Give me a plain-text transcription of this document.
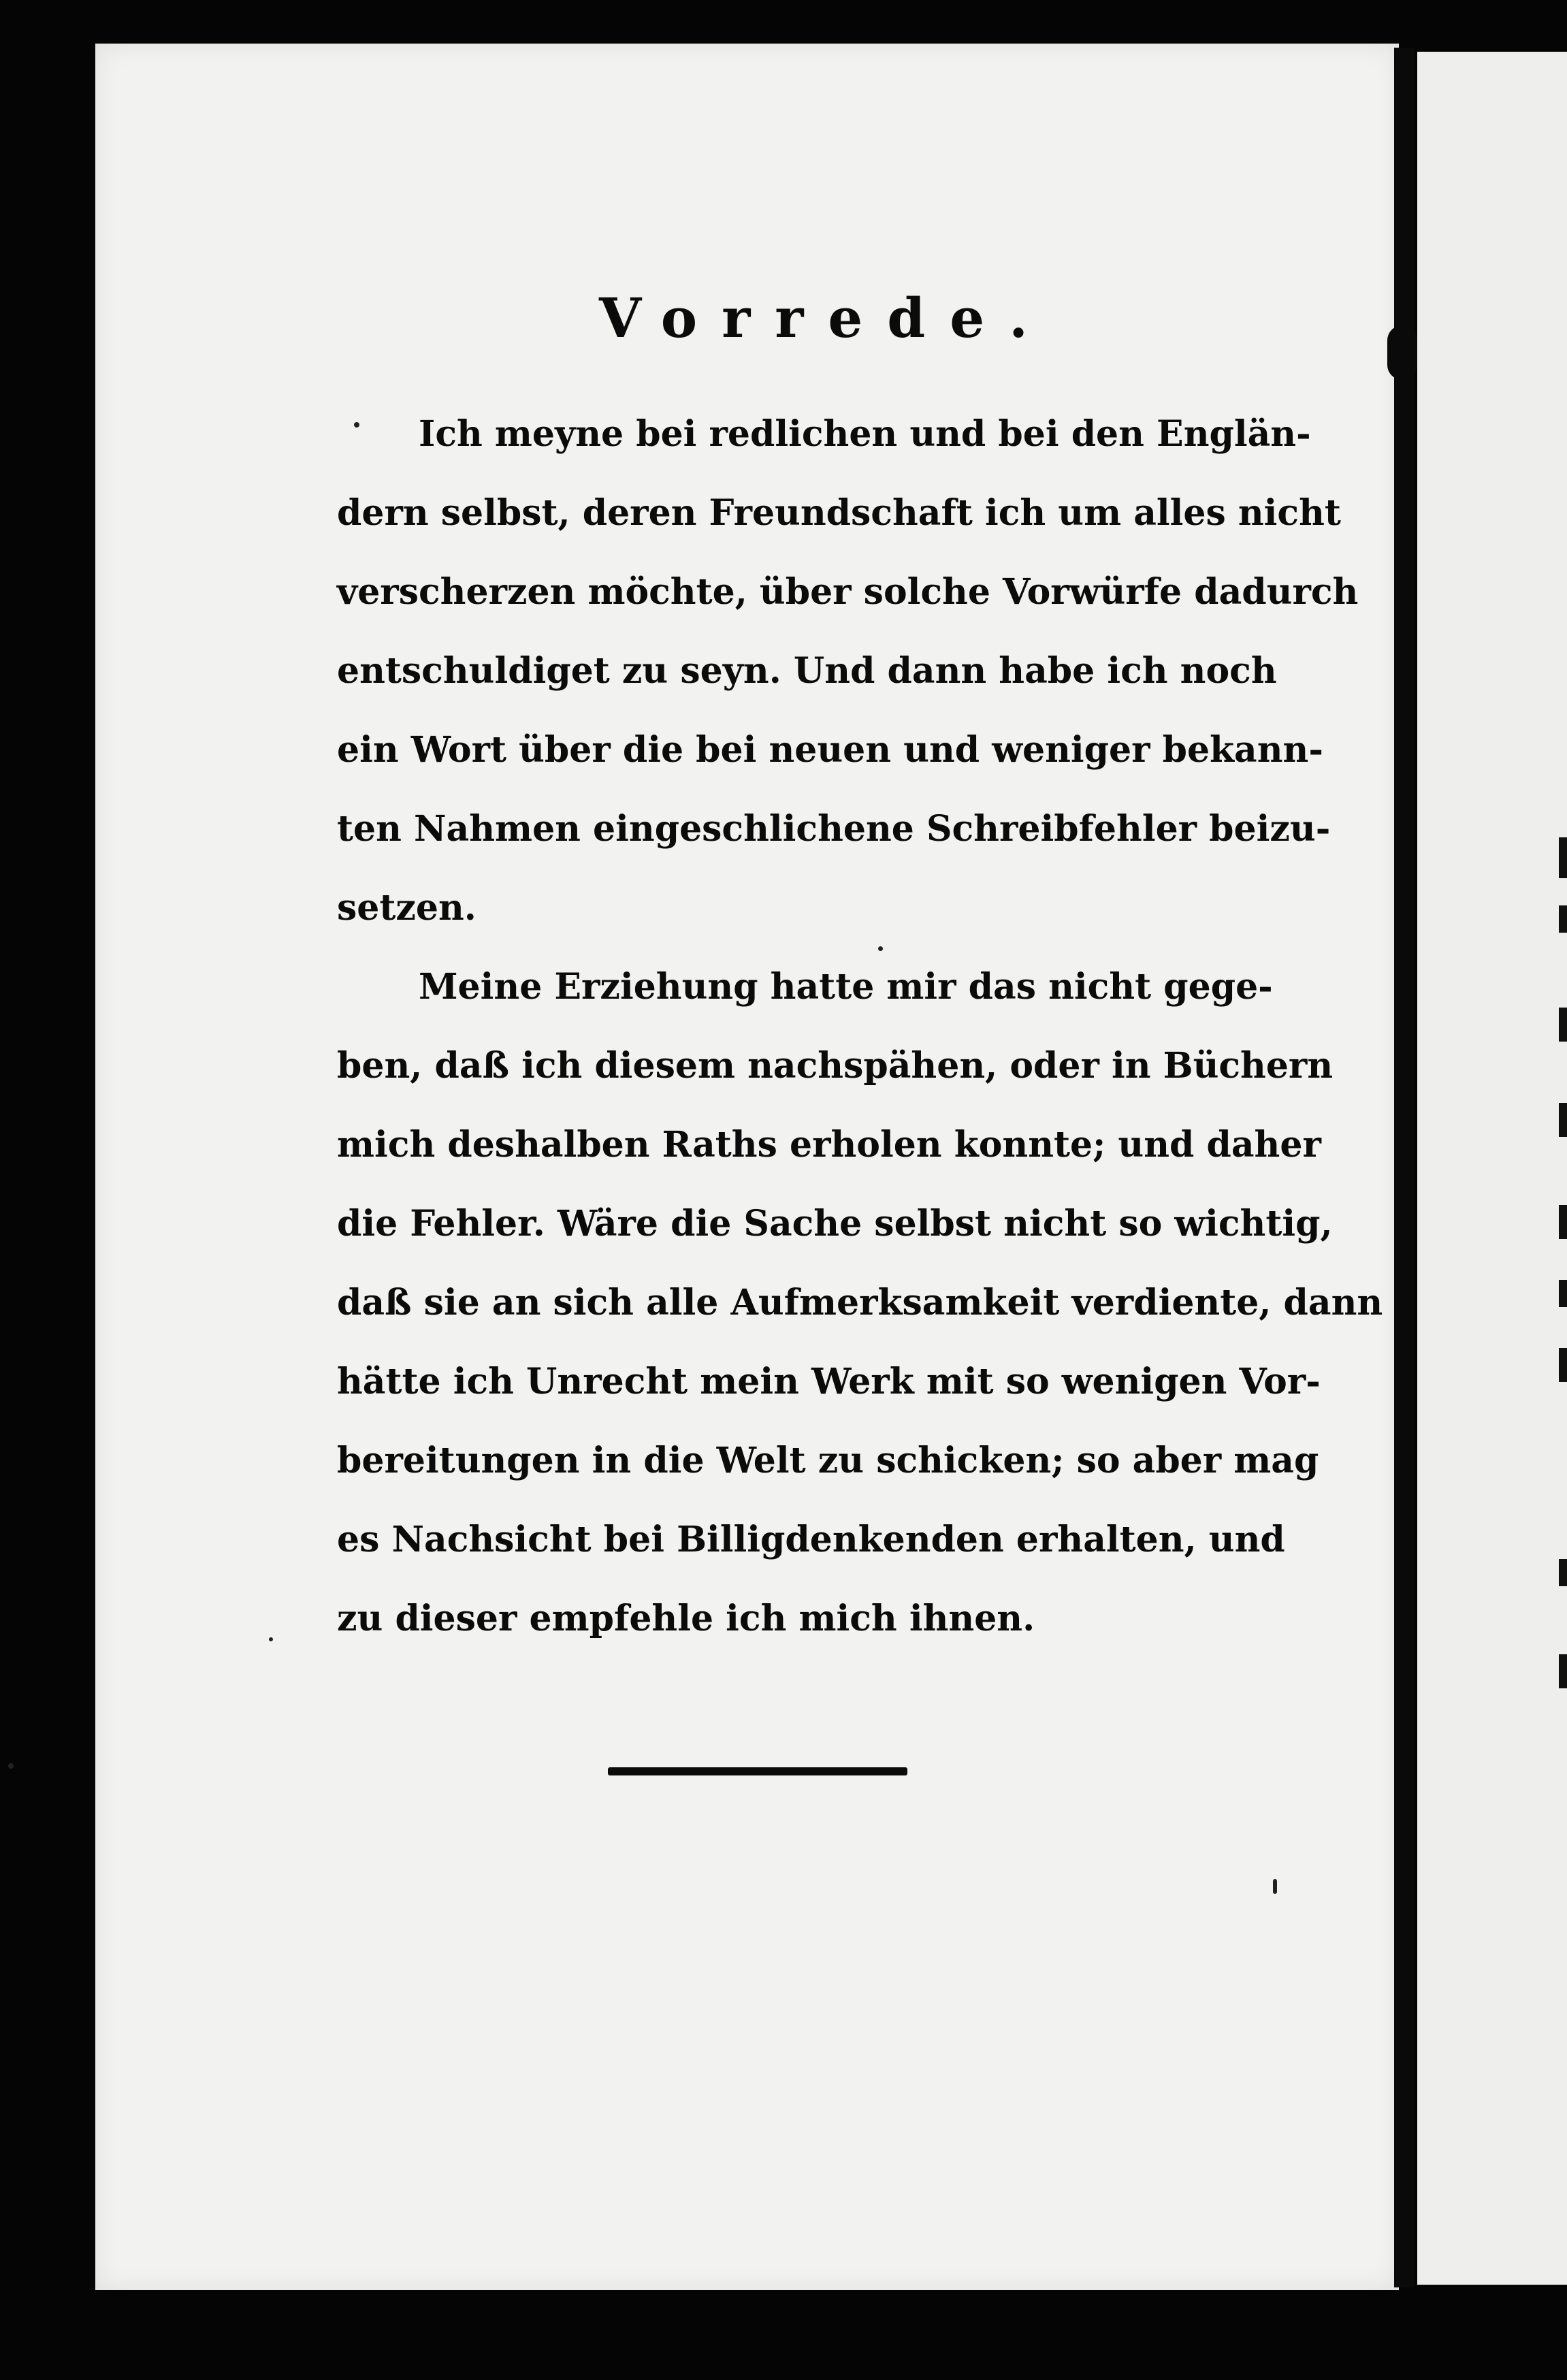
Vorrede.
Ich meyne bei redlichen und bei den Englän-
dern selbst, deren Freundschaft ich um alles nicht
verscherzen möchte, über solche Vorwürfe dadurch
entschuldiget zu seyn. Und dann habe ich noch
ein Wort über die bei neuen und weniger bekann-
ten Nahmen eingeschlichene Schreibfehler beizu-
setzen.
Meine Erziehung hatte mir das nicht gege-
ben, daß ich diesem nachspähen, oder in Büchern
mich deshalben Raths erholen konnte; und daher
die Fehler. Wäre die Sache selbst nicht so wichtig,
daß sie an sich alle Aufmerksamkeit verdiente, dann
hätte ich Unrecht mein Werk mit so wenigen Vor-
bereitungen in die Welt zu schicken; so aber mag
es Nachsicht bei Billigdenkenden erhalten, und
zu dieser empfehle ich mich ihnen.
